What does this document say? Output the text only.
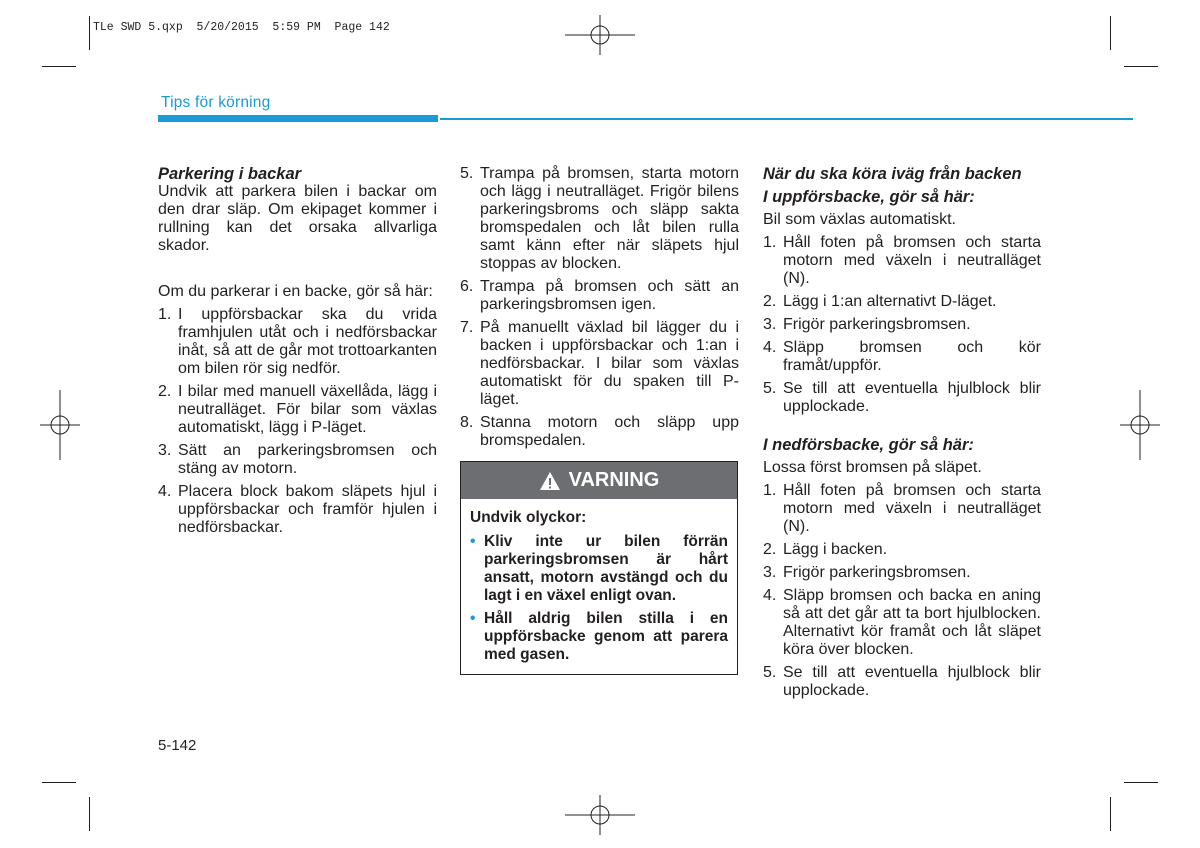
TLe SWD 5.qxp  5/20/2015  5:59 PM  Page 142
Tips för körning

Parkering i backar

Undvik att parkera bilen i backar om den drar släp. Om ekipaget kommer i rullning kan det orsaka allvarliga skador.

Om du parkerar i en backe, gör så här:

1. I uppförsbackar ska du vrida framhjulen utåt och i nedförsbackar inåt, så att de går mot trottoarkanten om bilen rör sig nedför.
2. I bilar med manuell växellåda, lägg i neutralläget. För bilar som växlas automatiskt, lägg i P-läget.
3. Sätt an parkeringsbromsen och stäng av motorn.
4. Placera block bakom släpets hjul i uppförsbackar och framför hjulen i nedförsbackar.
5. Trampa på bromsen, starta motorn och lägg i neutralläget. Frigör bilens parkeringsbroms och släpp sakta bromspedalen och låt bilen rulla samt känn efter när släpets hjul stoppas av blocken.
6. Trampa på bromsen och sätt an parkeringsbromsen igen.
7. På manuellt växlad bil lägger du i backen i uppförsbackar och 1:an i nedförsbackar. I bilar som växlas automatiskt för du spaken till P-läget.
8. Stanna motorn och släpp upp bromspedalen.
VARNING
Undvik olyckor:
• Kliv inte ur bilen förrän parkeringsbromsen är hårt ansatt, motorn avstängd och du lagt i en växel enligt ovan.
• Håll aldrig bilen stilla i en uppförsbacke genom att parera med gasen.

När du ska köra iväg från backen

I uppförsbacke, gör så här:

Bil som växlas automatiskt.

1. Håll foten på bromsen och starta motorn med växeln i neutralläget (N).
2. Lägg i 1:an alternativt D-läget.
3. Frigör parkeringsbromsen.
4. Släpp bromsen och kör framåt/uppför.
5. Se till att eventuella hjulblock blir upplockade.

I nedförsbacke, gör så här:

Lossa först bromsen på släpet.

1. Håll foten på bromsen och starta motorn med växeln i neutralläget (N).
2. Lägg i backen.
3. Frigör parkeringsbromsen.
4. Släpp bromsen och backa en aning så att det går att ta bort hjulblocken. Alternativt kör framåt och låt släpet köra över blocken.
5. Se till att eventuella hjulblock blir upplockade.
5-142
